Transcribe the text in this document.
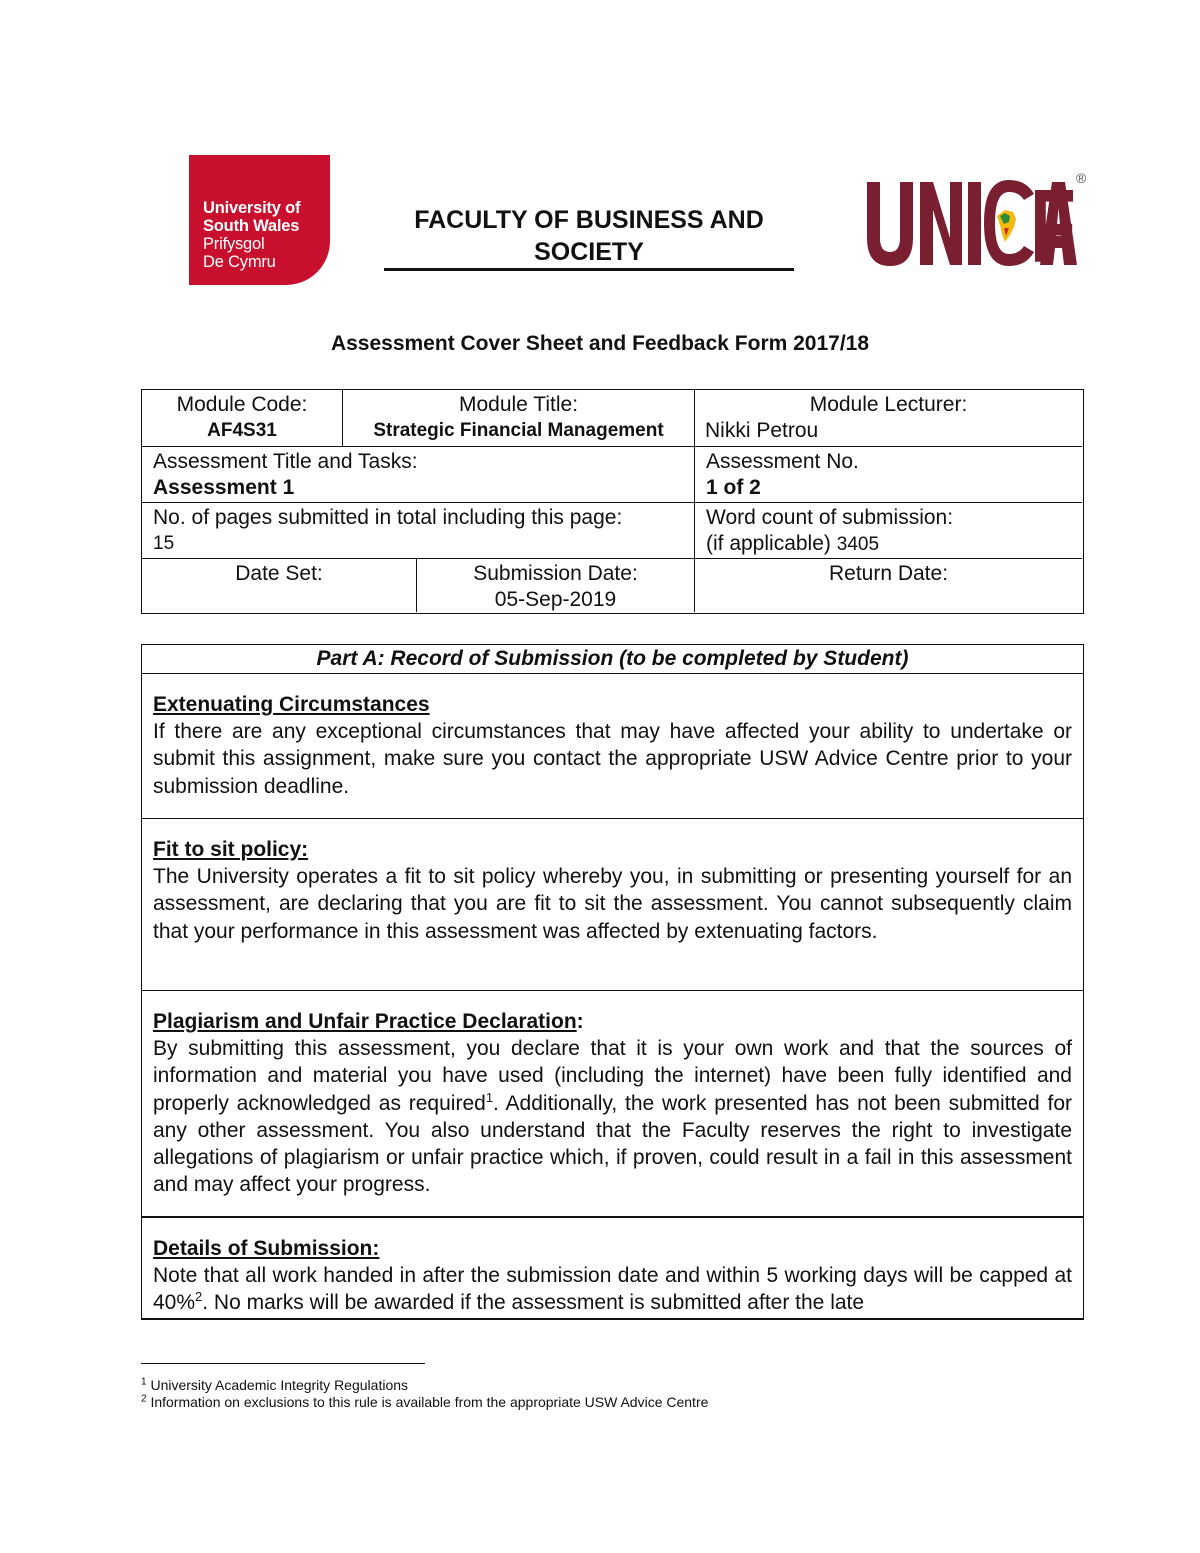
University of
South Wales
Prifysgol
De Cymru
FACULTY OF BUSINESS AND
SOCIETY	F ®
Assessment Cover Sheet and Feedback Form 2017/18
Module Code:
AF4S31
Module Title:
Strategic Financial Management
Module Lecturer:
Nikki Petrou
Assessment Title and Tasks:
Assessment 1
Assessment No.
1 of 2
No. of pages submitted in total including this page:
15
Word count of submission:
(if applicable) 3405
Date Set:	Submission Date:
05-Sep-2019
Return Date:
Part A: Record of Submission (to be completed by Student)
Extenuating Circumstances
If there are any exceptional circumstances that may have affected your ability to undertake or submit this assignment, make sure you contact the appropriate USW Advice Centre prior to your submission deadline.
Fit to sit policy:
The University operates a fit to sit policy whereby you, in submitting or presenting yourself for an assessment, are declaring that you are fit to sit the assessment. You cannot subsequently claim that your performance in this assessment was affected by extenuating factors.
Plagiarism and Unfair Practice Declaration:
By submitting this assessment, you declare that it is your own work and that the sources of information and material you have used (including the internet) have been fully identified and properly acknowledged as required$^1$. Additionally, the work presented has not been submitted for any other assessment. You also understand that the Faculty reserves the right to investigate allegations of plagiarism or unfair practice which, if proven, could result in a fail in this assessment and may affect your progress.
Details of Submission:
Note that all work handed in after the submission date and within 5 working days will be capped at 40%$^2$. No marks will be awarded if the assessment is submitted after the late
$^1$ University Academic Integrity Regulations
$^2$ Information on exclusions to this rule is available from the appropriate USW Advice Centre
